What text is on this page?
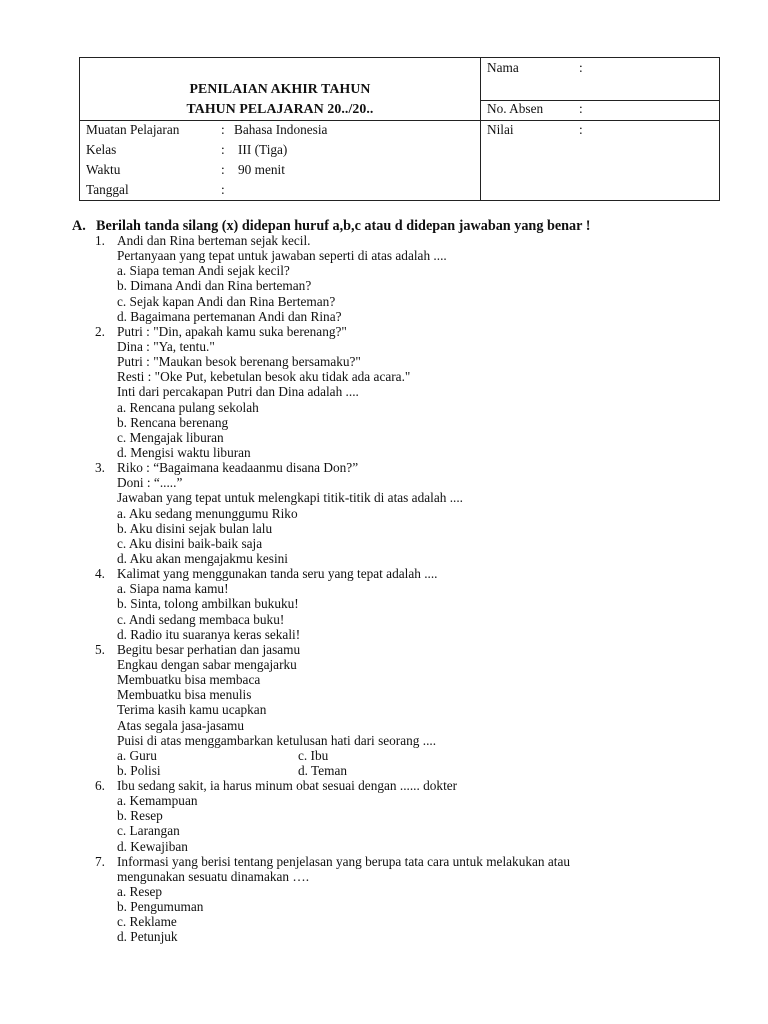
PENILAIAN AKHIR TAHUN
TAHUN PELAJARAN 20../20..
Muatan Pelajaran	: Bahasa Indonesia
Kelas	: III (Tiga)
Waktu	: 90 menit
Tanggal	:
Nama	:
No. Absen	:
Nilai	:
A. Berilah tanda silang (x) didepan huruf a,b,c atau d didepan jawaban yang benar !
1. Andi dan Rina berteman sejak kecil.
Pertanyaan yang tepat untuk jawaban seperti di atas adalah ....
a. Siapa teman Andi sejak kecil?
b. Dimana Andi dan Rina berteman?
c. Sejak kapan Andi dan Rina Berteman?
d. Bagaimana pertemanan Andi dan Rina?
2. Putri : "Din, apakah kamu suka berenang?"
Dina : "Ya, tentu."
Putri : "Maukan besok berenang bersamaku?"
Resti : "Oke Put, kebetulan besok aku tidak ada acara."
Inti dari percakapan Putri dan Dina adalah ....
a. Rencana pulang sekolah
b. Rencana berenang
c. Mengajak liburan
d. Mengisi waktu liburan
3. Riko : “Bagaimana keadaanmu disana Don?”
Doni : “.....”
Jawaban yang tepat untuk melengkapi titik-titik di atas adalah ....
a. Aku sedang menunggumu Riko
b. Aku disini sejak bulan lalu
c. Aku disini baik-baik saja
d. Aku akan mengajakmu kesini
4. Kalimat yang menggunakan tanda seru yang tepat adalah ....
a. Siapa nama kamu!
b. Sinta, tolong ambilkan bukuku!
c. Andi sedang membaca buku!
d. Radio itu suaranya keras sekali!
5. Begitu besar perhatian dan jasamu
Engkau dengan sabar mengajarku
Membuatku bisa membaca
Membuatku bisa menulis
Terima kasih kamu ucapkan
Atas segala jasa-jasamu
Puisi di atas menggambarkan ketulusan hati dari seorang ....
a. Guru	c. Ibu
b. Polisi	d. Teman
6. Ibu sedang sakit, ia harus minum obat sesuai dengan ...... dokter
a. Kemampuan
b. Resep
c. Larangan
d. Kewajiban
7. Informasi yang berisi tentang penjelasan yang berupa tata cara untuk melakukan atau
mengunakan sesuatu dinamakan ….
a. Resep
b. Pengumuman
c. Reklame
d. Petunjuk
